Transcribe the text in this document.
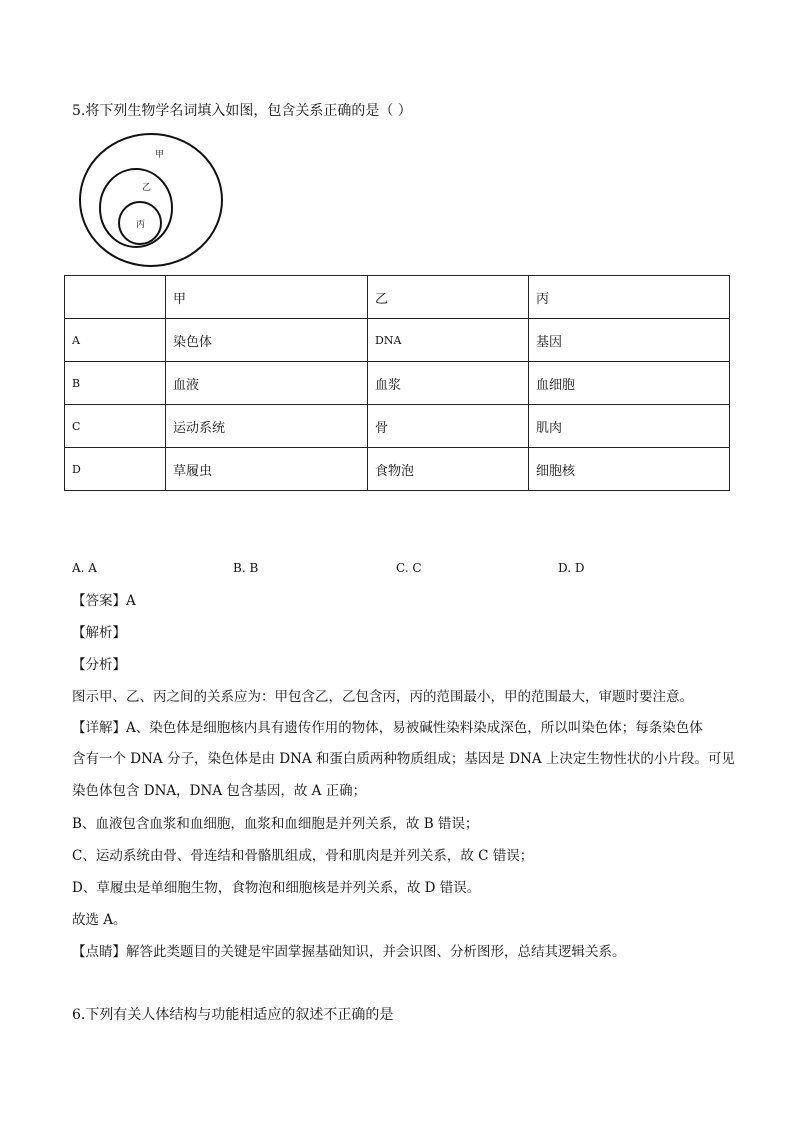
5.将下列生物学名词填入如图，包含关系正确的是（ ）
甲
乙
丙
	甲	乙	丙
A	染色体	DNA	基因
B	血液	血浆	血细胞
C	运动系统	骨	肌肉
D	草履虫	食物泡	细胞核
A. A	B. B	C. C	D. D
【答案】A
【解析】
【分析】
图示甲、乙、丙之间的关系应为：甲包含乙，乙包含丙，丙的范围最小，甲的范围最大，审题时要注意。
【详解】A、染色体是细胞核内具有遗传作用的物体，易被碱性染料染成深色，所以叫染色体；每条染色体
含有一个 DNA 分子，染色体是由 DNA 和蛋白质两种物质组成；基因是 DNA 上决定生物性状的小片段。可见
染色体包含 DNA，DNA 包含基因，故 A 正确；
B、血液包含血浆和血细胞，血浆和血细胞是并列关系，故 B 错误；
C、运动系统由骨、骨连结和骨骼肌组成，骨和肌肉是并列关系，故 C 错误；
D、草履虫是单细胞生物，食物泡和细胞核是并列关系，故 D 错误。
故选 A。
【点睛】解答此类题目的关键是牢固掌握基础知识，并会识图、分析图形，总结其逻辑关系。
6.下列有关人体结构与功能相适应的叙述不正确的是
